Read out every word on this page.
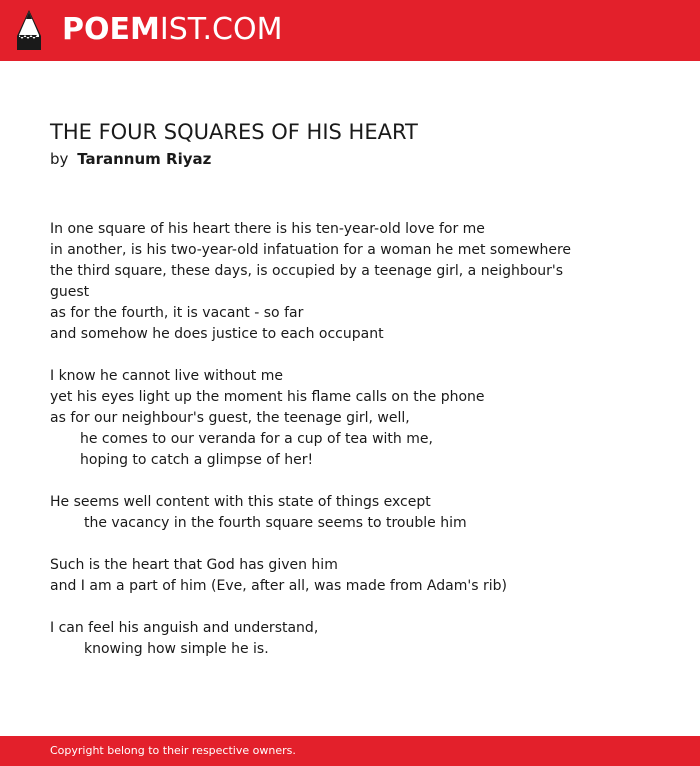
POEMIST.COM
THE FOUR SQUARES OF HIS HEART
by Tarannum Riyaz
In one square of his heart there is his ten-year-old love for me
in another, is his two-year-old infatuation for a woman he met somewhere
the third square, these days, is occupied by a teenage girl, a neighbour's
guest
as for the fourth, it is vacant - so far
and somehow he does justice to each occupant
I know he cannot live without me
yet his eyes light up the moment his flame calls on the phone
as for our neighbour's guest, the teenage girl, well,
he comes to our veranda for a cup of tea with me,
hoping to catch a glimpse of her!
He seems well content with this state of things except
the vacancy in the fourth square seems to trouble him
Such is the heart that God has given him
and I am a part of him (Eve, after all, was made from Adam's rib)
I can feel his anguish and understand,
knowing how simple he is.
Copyright belong to their respective owners.
